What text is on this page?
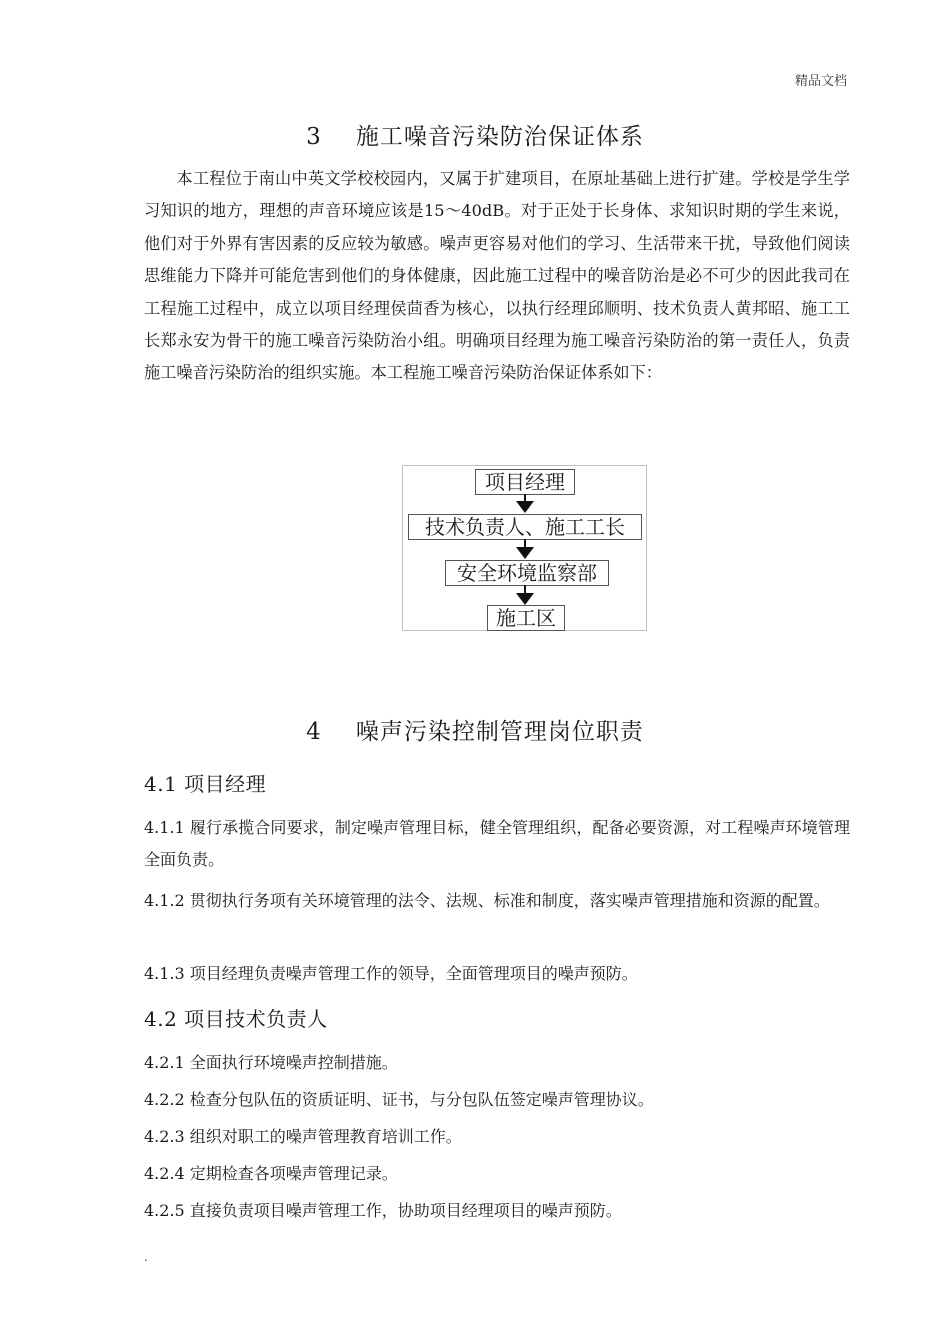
精品文档
3 施工噪音污染防治保证体系

本工程位于南山中英文学校校园内，又属于扩建项目，在原址基础上进行扩建。学校是学生学习知识的地方，理想的声音环境应该是15～40dB。对于正处于长身体、求知识时期的学生来说，他们对于外界有害因素的反应较为敏感。噪声更容易对他们的学习、生活带来干扰，导致他们阅读思维能力下降并可能危害到他们的身体健康，因此施工过程中的噪音防治是必不可少的因此我司在工程施工过程中，成立以项目经理侯茴香为核心，以执行经理邱顺明、技术负责人黄邦昭、施工工长郑永安为骨干的施工噪音污染防治小组。明确项目经理为施工噪音污染防治的第一责任人，负责施工噪音污染防治的组织实施。本工程施工噪音污染防治保证体系如下：

项目经理
技术负责人、施工工长
安全环境监察部
施工区
4 噪声污染控制管理岗位职责
4.1 项目经理

4.1.1 履行承揽合同要求，制定噪声管理目标，健全管理组织，配备必要资源，对工程噪声环境管理全面负责。

4.1.2 贯彻执行务项有关环境管理的法令、法规、标准和制度，落实噪声管理措施和资源的配置。

4.1.3 项目经理负责噪声管理工作的领导，全面管理项目的噪声预防。

4.2 项目技术负责人

4.2.1 全面执行环境噪声控制措施。

4.2.2 检查分包队伍的资质证明、证书，与分包队伍签定噪声管理协议。

4.2.3 组织对职工的噪声管理教育培训工作。

4.2.4 定期检查各项噪声管理记录。

4.2.5 直接负责项目噪声管理工作，协助项目经理项目的噪声预防。

.
